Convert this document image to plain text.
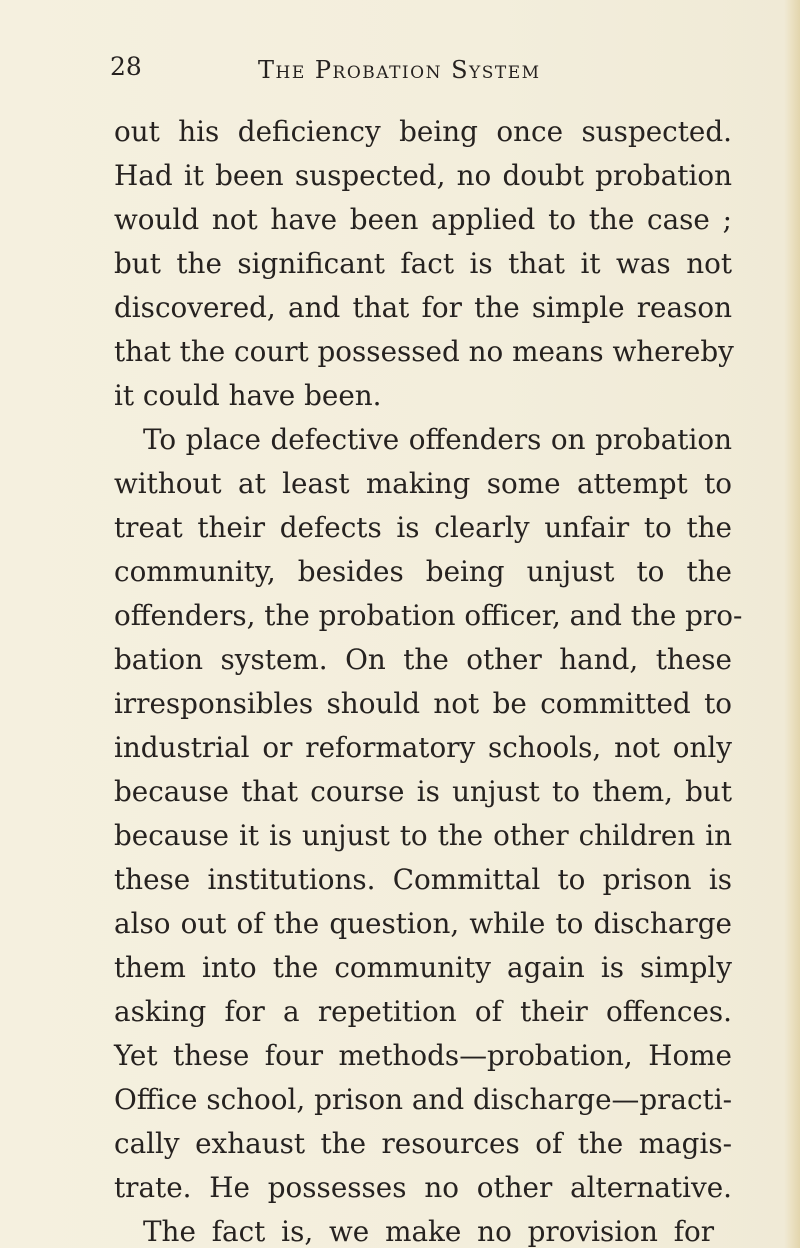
28	The Probation System
out his deficiency being once suspected.
Had it been suspected, no doubt probation
would not have been applied to the case ;
but the significant fact is that it was not
discovered, and that for the simple reason
that the court possessed no means whereby
it could have been.
To place defective offenders on probation
without at least making some attempt to
treat their defects is clearly unfair to the
community, besides being unjust to the
offenders, the probation officer, and the pro-
bation system. On the other hand, these
irresponsibles should not be committed to
industrial or reformatory schools, not only
because that course is unjust to them, but
because it is unjust to the other children in
these institutions. Committal to prison is
also out of the question, while to discharge
them into the community again is simply
asking for a repetition of their offences.
Yet these four methods—probation, Home
Office school, prison and discharge—practi-
cally exhaust the resources of the magis-
trate. He possesses no other alternative.
The fact is, we make no provision for
